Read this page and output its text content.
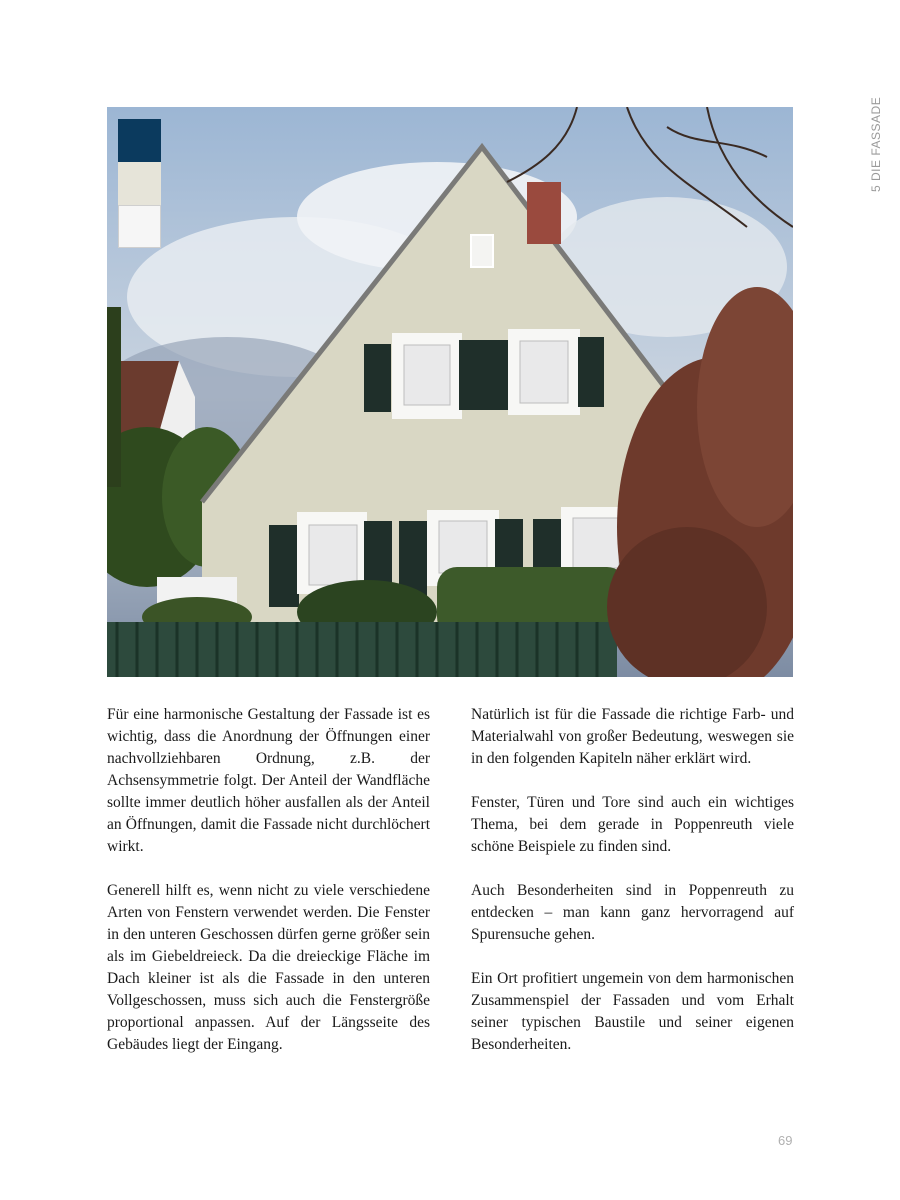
5 DIE FASSADE

Für eine harmonische Gestaltung der Fassade ist es wichtig, dass die Anordnung der Öffnungen einer nachvollziehbaren Ordnung, z.B. der Achsensymmetrie folgt. Der Anteil der Wandfläche sollte immer deutlich höher ausfallen als der Anteil an Öffnungen, damit die Fassade nicht durchlöchert wirkt.

Generell hilft es, wenn nicht zu viele verschiedene Arten von Fenstern verwendet werden. Die Fenster in den unteren Geschossen dürfen gerne größer sein als im Giebeldreieck. Da die dreieckige Fläche im Dach kleiner ist als die Fassade in den unteren Vollgeschossen, muss sich auch die Fenstergröße proportional anpassen. Auf der Längsseite des Gebäudes liegt der Eingang.

Natürlich ist für die Fassade die richtige Farb- und Materialwahl von großer Bedeutung, weswegen sie in den folgenden Kapiteln näher erklärt wird.

Fenster, Türen und Tore sind auch ein wichtiges Thema, bei dem gerade in Poppenreuth viele schöne Beispiele zu finden sind.

Auch Besonderheiten sind in Poppenreuth zu entdecken – man kann ganz hervorragend auf Spurensuche gehen.

Ein Ort profitiert ungemein von dem harmonischen Zusammenspiel der Fassaden und vom Erhalt seiner typischen Baustile und seiner eigenen Besonderheiten.

69
